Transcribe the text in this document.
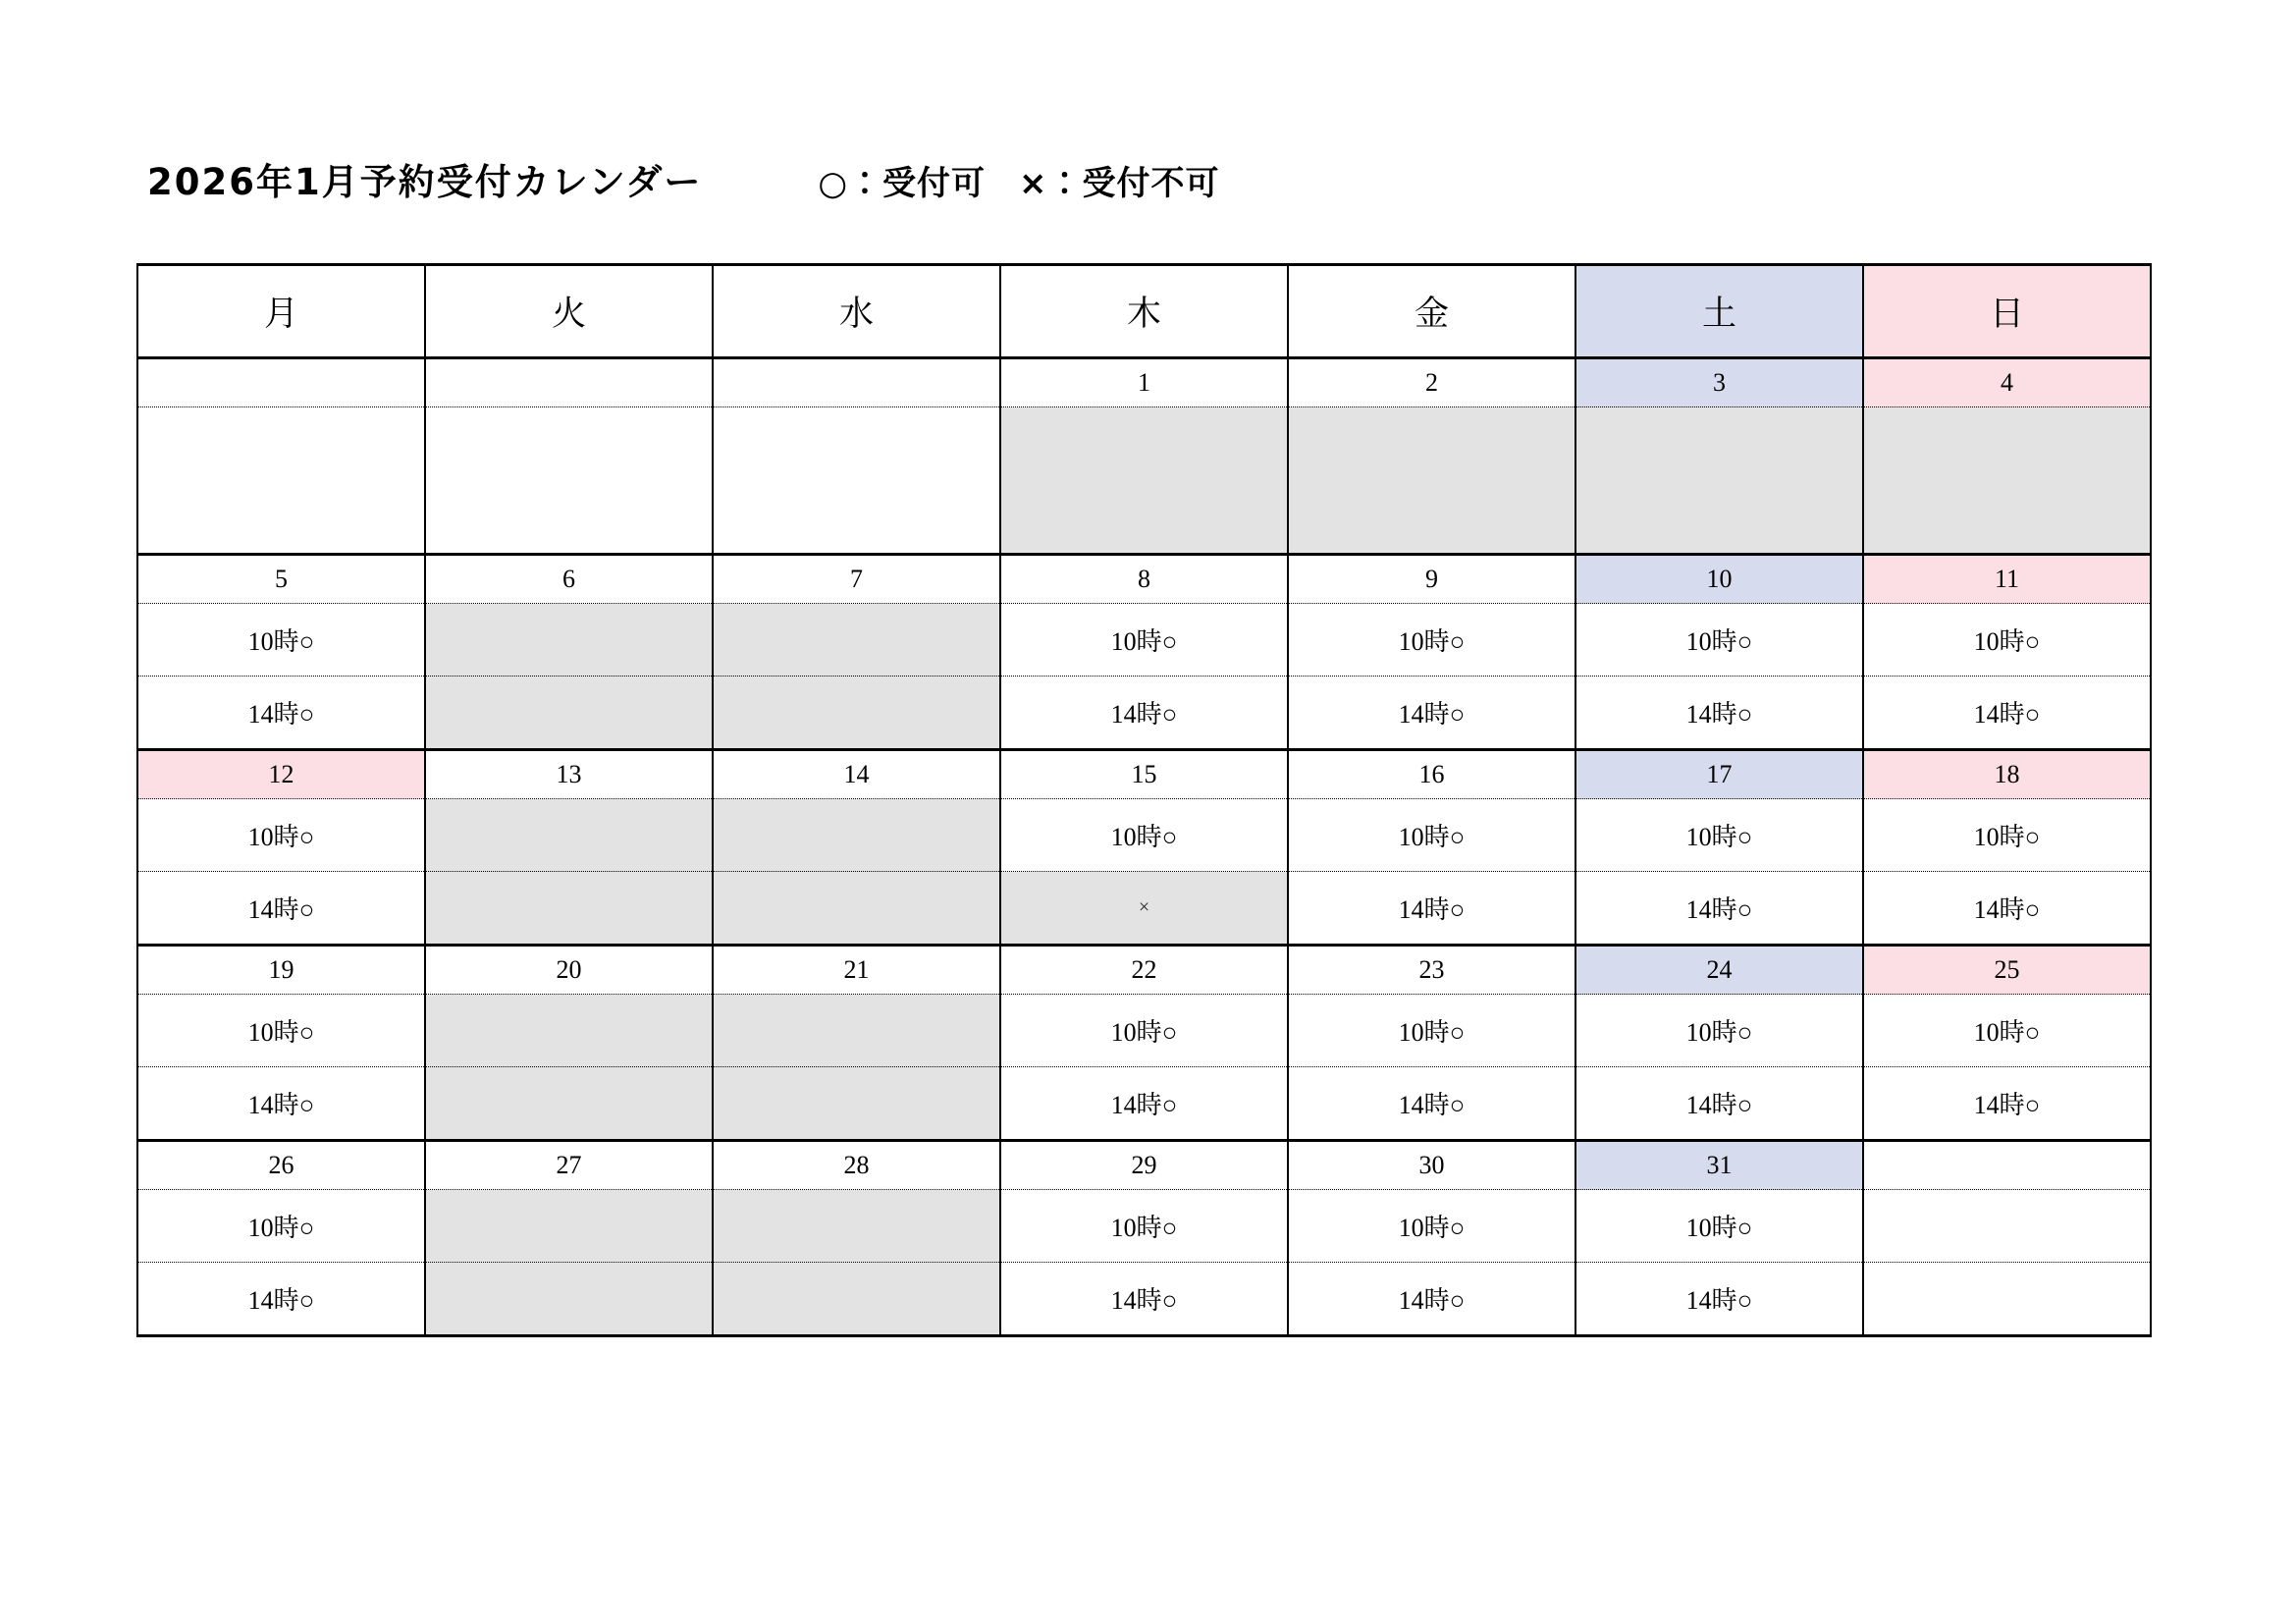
2026年1月予約受付カレンダー	○：受付可 ×：受付不可
月	火	水	木	金	土	日
			1	2	3	4

5	6	7	8	9	10	11
10時○			10時○	10時○	10時○	10時○
14時○			14時○	14時○	14時○	14時○
12	13	14	15	16	17	18
10時○			10時○	10時○	10時○	10時○
14時○			×	14時○	14時○	14時○
19	20	21	22	23	24	25
10時○			10時○	10時○	10時○	10時○
14時○			14時○	14時○	14時○	14時○
26	27	28	29	30	31	
10時○			10時○	10時○	10時○	
14時○			14時○	14時○	14時○	
